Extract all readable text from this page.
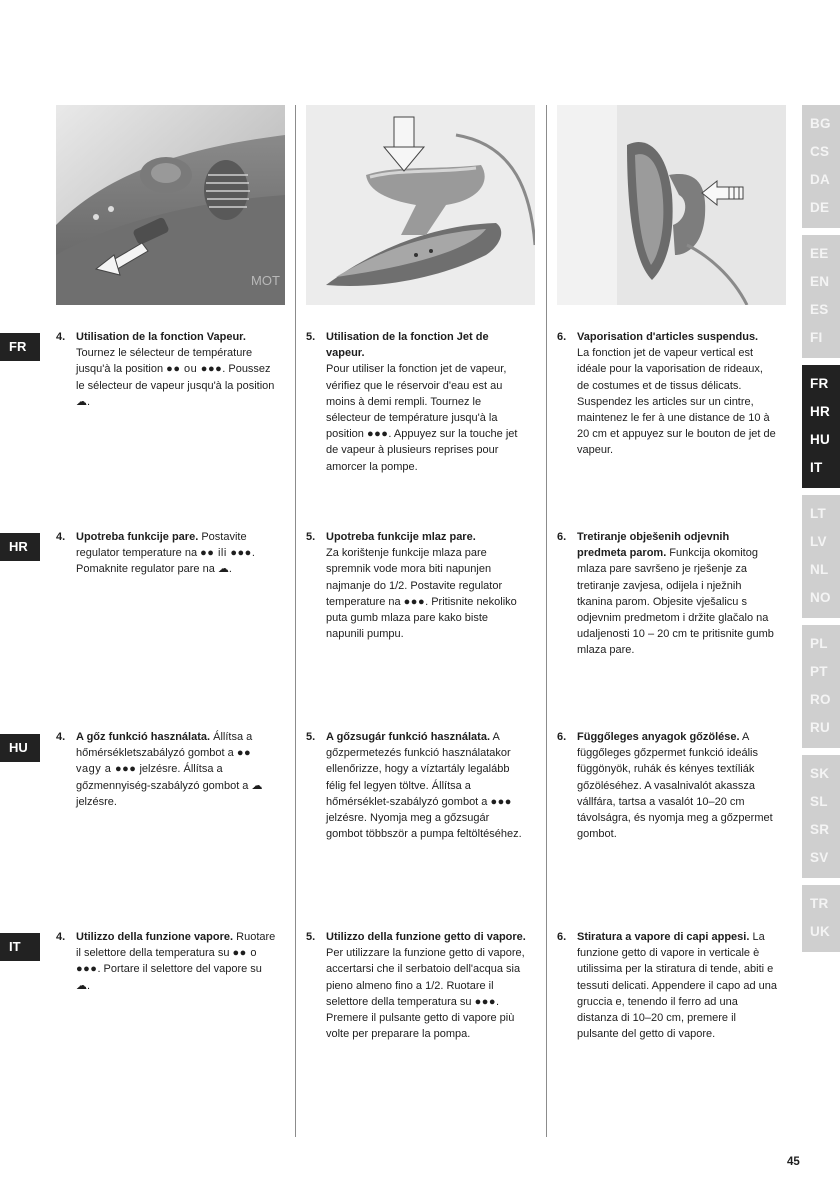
BG
CS
DA
DE
EE
EN
ES
FI
FR
HR
HU
IT
LT
LV
NL
NO
PL
PT
RO
RU
SK
SL
SR
SV
TR
UK
MOT
FR
HR
HU
IT
4. Utilisation de la fonction Vapeur.
Tournez le sélecteur de température jusqu'à la position ●● ou ●●●. Poussez le sélecteur de vapeur jusqu'à la position ☁.
5. Utilisation de la fonction Jet de vapeur.
Pour utiliser la fonction jet de vapeur, vérifiez que le réservoir d'eau est au moins à demi rempli. Tournez le sélecteur de température jusqu'à la position ●●●. Appuyez sur la touche jet de vapeur à plusieurs reprises pour amorcer la pompe.
6. Vaporisation d'articles suspendus.
La fonction jet de vapeur vertical est idéale pour la vaporisation de rideaux, de costumes et de tissus délicats. Suspendez les articles sur un cintre, maintenez le fer à une distance de 10 à 20 cm et appuyez sur le bouton de jet de vapeur.
4. Upotreba funkcije pare. Postavite regulator temperature na ●● ili ●●●. Pomaknite regulator pare na ☁.
5. Upotreba funkcije mlaz pare.
Za korištenje funkcije mlaza pare spremnik vode mora biti napunjen najmanje do 1/2. Postavite regulator temperature na ●●●. Pritisnite nekoliko puta gumb mlaza pare kako biste napunili pumpu.
6. Tretiranje obješenih odjevnih predmeta parom. Funkcija okomitog mlaza pare savršeno je rješenje za tretiranje zavjesa, odijela i nježnih tkanina parom. Objesite vješalicu s odjevnim predmetom i držite glačalo na udaljenosti 10 – 20 cm te pritisnite gumb mlaza pare.
4. A gőz funkció használata. Állítsa a hőmérsékletszabályzó gombot a ●● vagy a ●●● jelzésre. Állítsa a gőzmennyiség-szabályzó gombot a ☁ jelzésre.
5. A gőzsugár funkció használata. A gőzpermetezés funkció használatakor ellenőrizze, hogy a víztartály legalább félig fel legyen töltve. Állítsa a hőmérséklet-szabályzó gombot a ●●● jelzésre. Nyomja meg a gőzsugár gombot többször a pumpa feltöltéséhez.
6. Függőleges anyagok gőzölése. A függőleges gőzpermet funkció ideális függönyök, ruhák és kényes textíliák gőzöléséhez. A vasalnivalót akassza vállfára, tartsa a vasalót 10–20 cm távolságra, és nyomja meg a gőzpermet gombot.
4. Utilizzo della funzione vapore. Ruotare il selettore della temperatura su ●● o ●●●. Portare il selettore del vapore su ☁.
5. Utilizzo della funzione getto di vapore. Per utilizzare la funzione getto di vapore, accertarsi che il serbatoio dell'acqua sia pieno almeno fino a 1/2. Ruotare il selettore della temperatura su ●●●. Premere il pulsante getto di vapore più volte per preparare la pompa.
6. Stiratura a vapore di capi appesi. La funzione getto di vapore in verticale è utilissima per la stiratura di tende, abiti e tessuti delicati. Appendere il capo ad una gruccia e, tenendo il ferro ad una distanza di 10–20 cm, premere il pulsante del getto di vapore.
45
